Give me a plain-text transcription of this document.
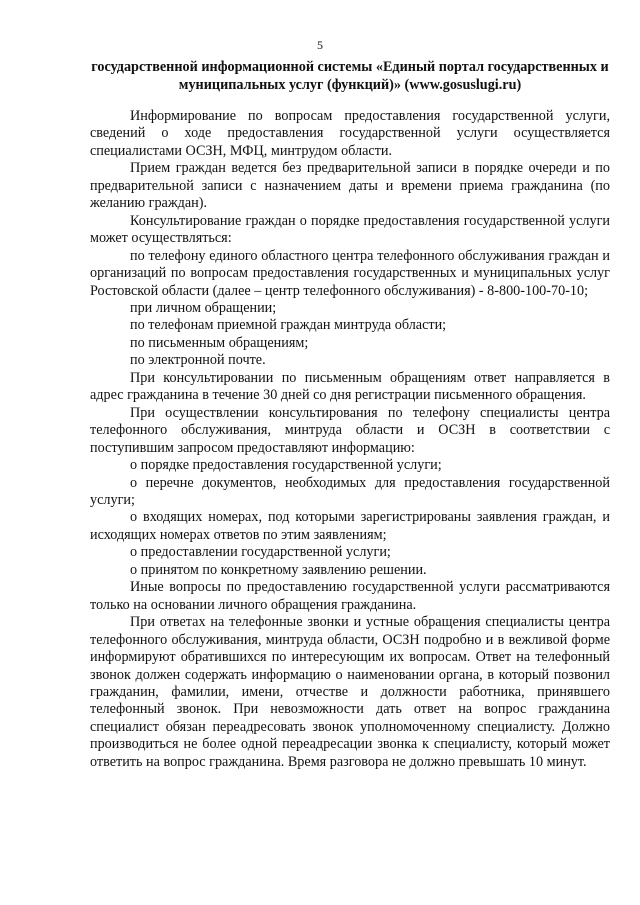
5
государственной информационной системы «Единый портал государственных и муниципальных услуг (функций)» (www.gosuslugi.ru)

Информирование по вопросам предоставления государственной услуги, сведений о ходе предоставления государственной услуги осуществляется специалистами ОСЗН, МФЦ, минтрудом области.

Прием граждан ведется без предварительной записи в порядке очереди и по предварительной записи с назначением даты и времени приема гражданина (по желанию граждан).

Консультирование граждан о порядке предоставления государственной услуги может осуществляться:

по телефону единого областного центра телефонного обслуживания граждан и организаций по вопросам предоставления государственных и муниципальных услуг Ростовской области (далее – центр телефонного обслуживания) - 8-800-100-70-10;

при личном обращении;

по телефонам приемной граждан минтруда области;

по письменным обращениям;

по электронной почте.

При консультировании по письменным обращениям ответ направляется в адрес гражданина в течение 30 дней со дня регистрации письменного обращения.

При осуществлении консультирования по телефону специалисты центра телефонного обслуживания, минтруда области и ОСЗН в соответствии с поступившим запросом предоставляют информацию:

о порядке предоставления государственной услуги;

о перечне документов, необходимых для предоставления государственной услуги;

о входящих номерах, под которыми зарегистрированы заявления граждан, и исходящих номерах ответов по этим заявлениям;

о предоставлении государственной услуги;

о принятом по конкретному заявлению решении.

Иные вопросы по предоставлению государственной услуги рассматриваются только на основании личного обращения гражданина.

При ответах на телефонные звонки и устные обращения специалисты центра телефонного обслуживания, минтруда области, ОСЗН подробно и в вежливой форме информируют обратившихся по интересующим их вопросам. Ответ на телефонный звонок должен содержать информацию о наименовании органа, в который позвонил гражданин, фамилии, имени, отчестве и должности работника, принявшего телефонный звонок. При невозможности дать ответ на вопрос гражданина специалист обязан переадресовать звонок уполномоченному специалисту. Должно производиться не более одной переадресации звонка к специалисту, который может ответить на вопрос гражданина. Время разговора не должно превышать 10 минут.
